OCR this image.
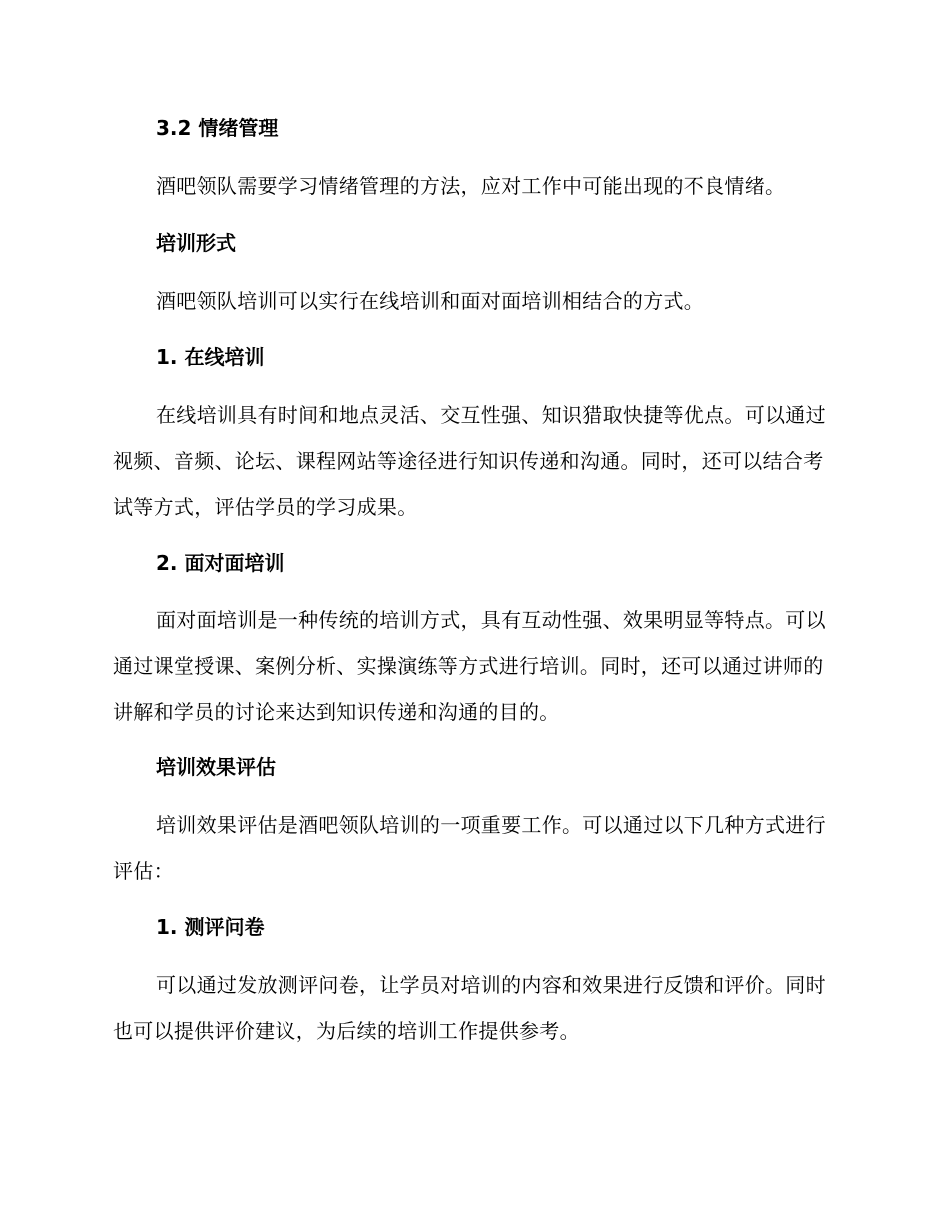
3.2 情绪管理

酒吧领队需要学习情绪管理的方法，应对工作中可能出现的不良情绪。

培训形式

酒吧领队培训可以实行在线培训和面对面培训相结合的方式。

1. 在线培训

在线培训具有时间和地点灵活、交互性强、知识猎取快捷等优点。可以通过视频、音频、论坛、课程网站等途径进行知识传递和沟通。同时，还可以结合考试等方式，评估学员的学习成果。

2. 面对面培训

面对面培训是一种传统的培训方式，具有互动性强、效果明显等特点。可以通过课堂授课、案例分析、实操演练等方式进行培训。同时，还可以通过讲师的讲解和学员的讨论来达到知识传递和沟通的目的。

培训效果评估

培训效果评估是酒吧领队培训的一项重要工作。可以通过以下几种方式进行评估：

1. 测评问卷

可以通过发放测评问卷，让学员对培训的内容和效果进行反馈和评价。同时也可以提供评价建议，为后续的培训工作提供参考。
